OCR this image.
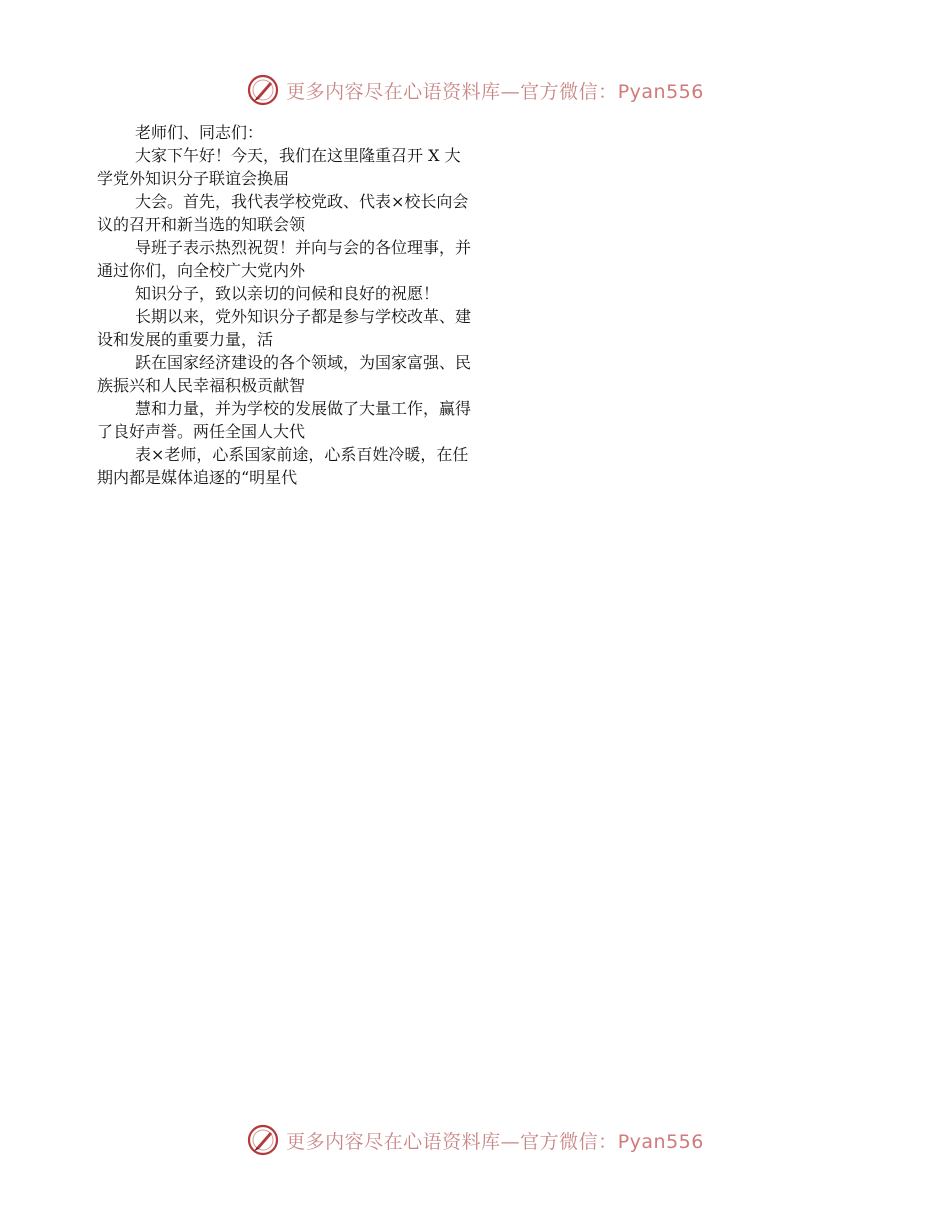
更多内容尽在心语资料库—官方微信：Pyan556
老师们、同志们：
大家下午好！今天，我们在这里隆重召开 X 大
学党外知识分子联谊会换届
大会。首先，我代表学校党政、代表×校长向会
议的召开和新当选的知联会领
导班子表示热烈祝贺！并向与会的各位理事，并
通过你们，向全校广大党内外
知识分子，致以亲切的问候和良好的祝愿！
长期以来，党外知识分子都是参与学校改革、建
设和发展的重要力量，活
跃在国家经济建设的各个领域，为国家富强、民
族振兴和人民幸福积极贡献智
慧和力量，并为学校的发展做了大量工作，赢得
了良好声誉。两任全国人大代
表×老师，心系国家前途，心系百姓冷暖，在任
期内都是媒体追逐的“明星代
更多内容尽在心语资料库—官方微信：Pyan556
